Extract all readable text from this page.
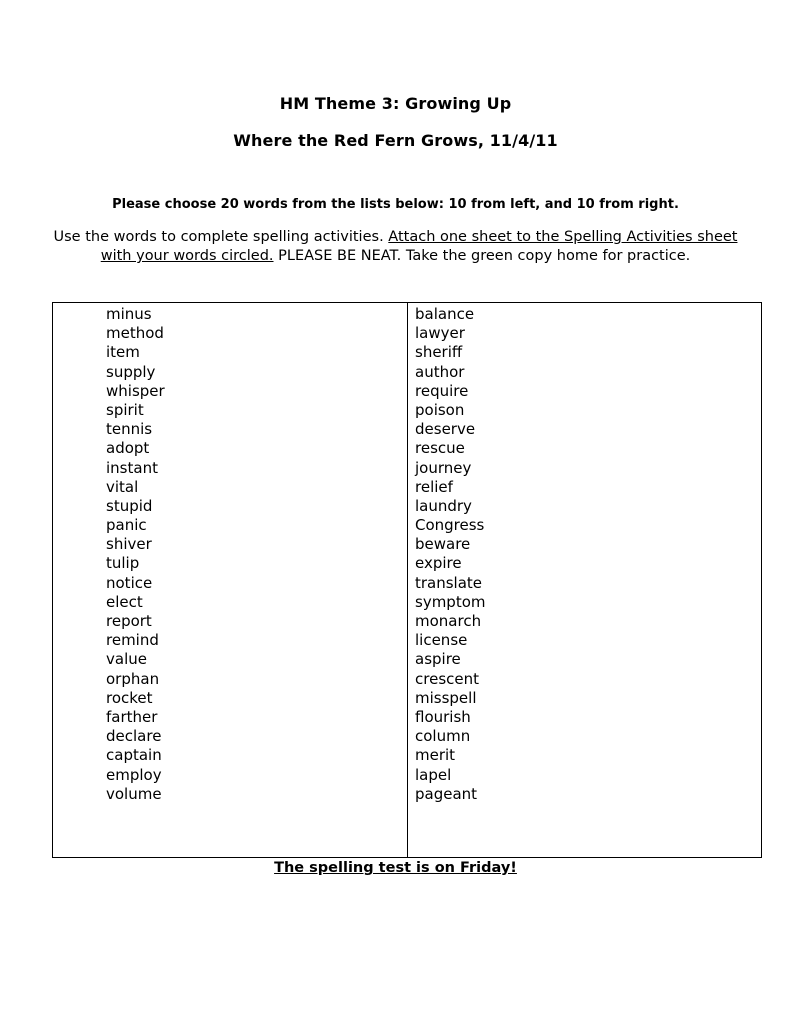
HM Theme 3: Growing Up
Where the Red Fern Grows, 11/4/11
Please choose 20 words from the lists below: 10 from left, and 10 from right.
Use the words to complete spelling activities. Attach one sheet to the Spelling Activities sheet with your words circled. PLEASE BE NEAT. Take the green copy home for practice.
minus
method
item
supply
whisper
spirit
tennis
adopt
instant
vital
stupid
panic
shiver
tulip
notice
elect
report
remind
value
orphan
rocket
farther
declare
captain
employ
volume
balance
lawyer
sheriff
author
require
poison
deserve
rescue
journey
relief
laundry
Congress
beware
expire
translate
symptom
monarch
license
aspire
crescent
misspell
flourish
column
merit
lapel
pageant
The spelling test is on Friday!
